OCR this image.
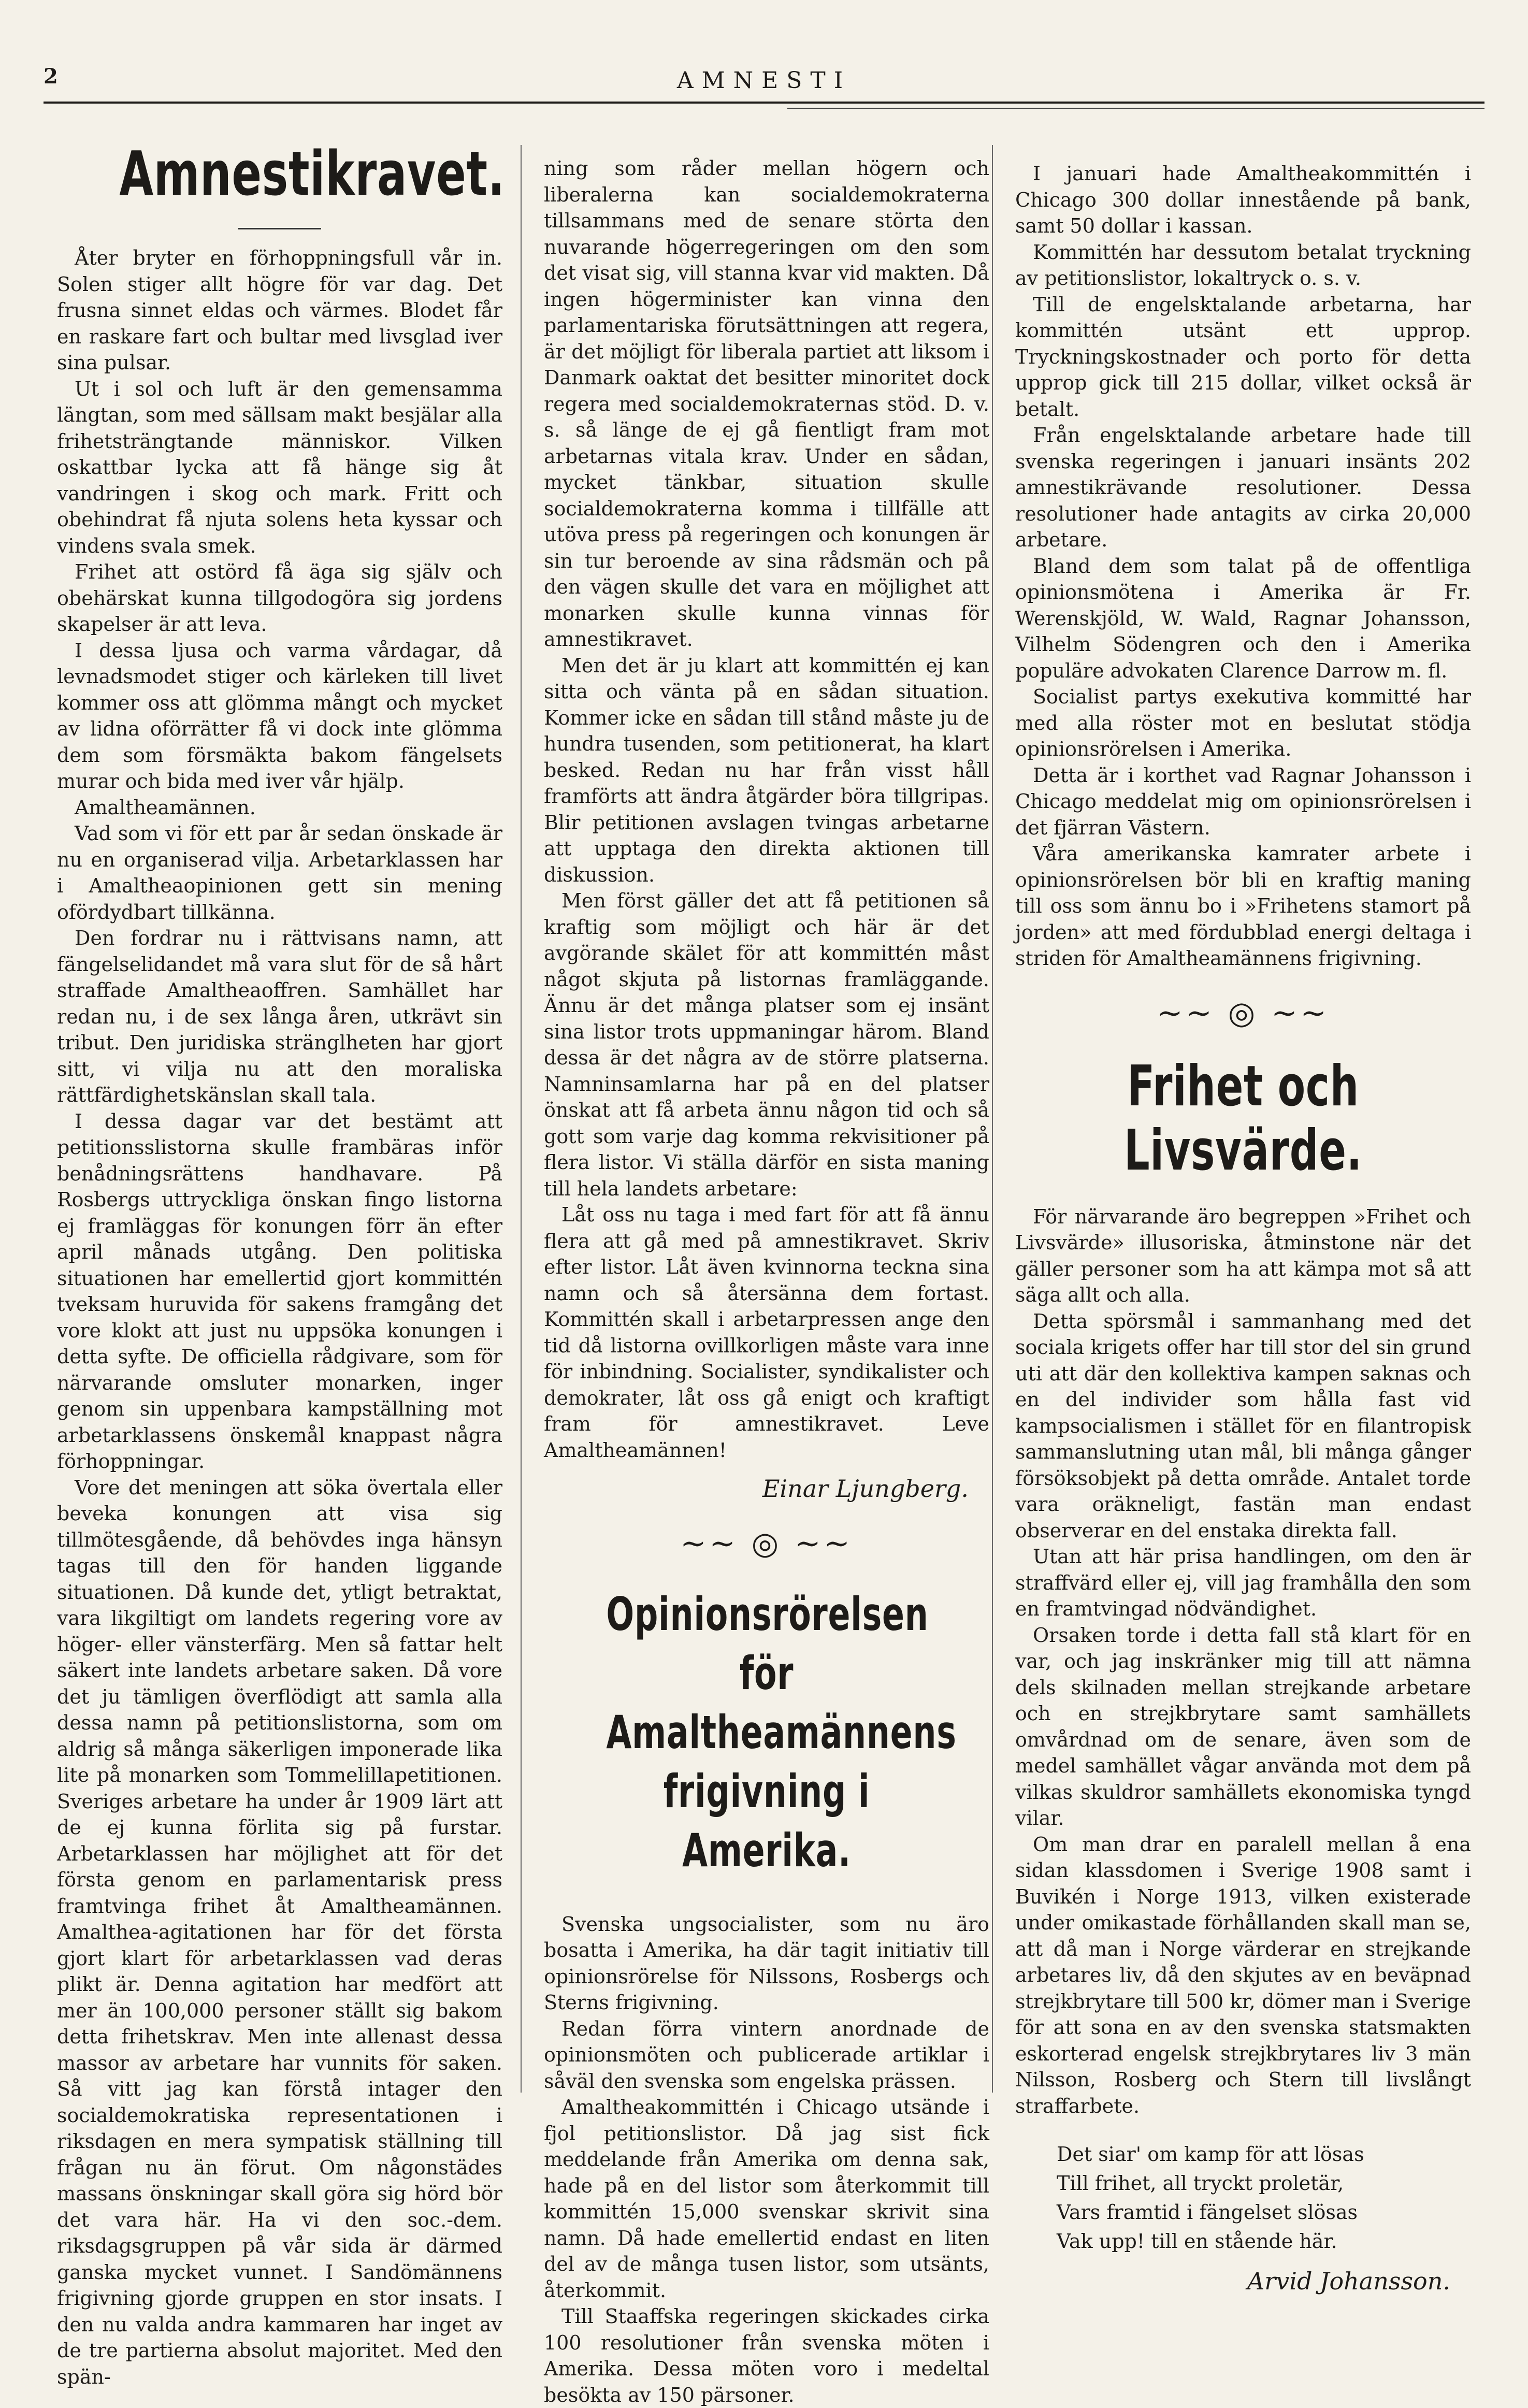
2	AMNESTI
Amnestikravet.

Åter bryter en förhoppningsfull vår in. Solen stiger allt högre för var dag. Det frusna sinnet eldas och värmes. Blodet får en raskare fart och bultar med livsglad iver sina pulsar.

Ut i sol och luft är den gemensamma längtan, som med sällsam makt besjälar alla frihetsträngtande människor. Vilken oskattbar lycka att få hänge sig åt vandringen i skog och mark. Fritt och obehindrat få njuta solens heta kyssar och vindens svala smek.

Frihet att ostörd få äga sig själv och obehärskat kunna tillgodogöra sig jordens skapelser är att leva.

I dessa ljusa och varma vårdagar, då levnadsmodet stiger och kärleken till livet kommer oss att glömma mångt och mycket av lidna oförrätter få vi dock inte glömma dem som försmäkta bakom fängelsets murar och bida med iver vår hjälp.

Amaltheamännen.

Vad som vi för ett par år sedan önskade är nu en organiserad vilja. Arbetarklassen har i Amaltheaopinionen gett sin mening ofördydbart tillkänna.

Den fordrar nu i rättvisans namn, att fängelselidandet må vara slut för de så hårt straffade Amaltheaoffren. Samhället har redan nu, i de sex långa åren, utkrävt sin tribut. Den juridiska stränglheten har gjort sitt, vi vilja nu att den moraliska rättfärdighetskänslan skall tala.

I dessa dagar var det bestämt att petitionsslistorna skulle frambäras inför benådningsrättens handhavare. På Rosbergs uttryckliga önskan fingo listorna ej framläggas för konungen förr än efter april månads utgång. Den politiska situationen har emellertid gjort kommittén tveksam huruvida för sakens framgång det vore klokt att just nu uppsöka konungen i detta syfte. De officiella rådgivare, som för närvarande omsluter monarken, inger genom sin uppenbara kampställning mot arbetarklassens önskemål knappast några förhoppningar.

Vore det meningen att söka övertala eller beveka konungen att visa sig tillmötesgående, då behövdes inga hänsyn tagas till den för handen liggande situationen. Då kunde det, ytligt betraktat, vara likgiltigt om landets regering vore av höger- eller vänsterfärg. Men så fattar helt säkert inte landets arbetare saken. Då vore det ju tämligen överflödigt att samla alla dessa namn på petitionslistorna, som om aldrig så många säkerligen imponerade lika lite på monarken som Tommelillapetitionen. Sveriges arbetare ha under år 1909 lärt att de ej kunna förlita sig på furstar. Arbetarklassen har möjlighet att för det första genom en parlamentarisk press framtvinga frihet åt Amaltheamännen. Amalthea-agitationen har för det första gjort klart för arbetarklassen vad deras plikt är. Denna agitation har medfört att mer än 100,000 personer ställt sig bakom detta frihetskrav. Men inte allenast dessa massor av arbetare har vunnits för saken. Så vitt jag kan förstå intager den socialdemokratiska representationen i riksdagen en mera sympatisk ställning till frågan nu än förut. Om någonstädes massans önskningar skall göra sig hörd bör det vara här. Ha vi den soc.-dem. riksdagsgruppen på vår sida är därmed ganska mycket vunnet. I Sandömännens frigivning gjorde gruppen en stor insats. I den nu valda andra kammaren har inget av de tre partierna absolut majoritet. Med den spän-

ning som råder mellan högern och liberalerna kan socialdemokraterna tillsammans med de senare störta den nuvarande högerregeringen om den som det visat sig, vill stanna kvar vid makten. Då ingen högerminister kan vinna den parlamentariska förutsättningen att regera, är det möjligt för liberala partiet att liksom i Danmark oaktat det besitter minoritet dock regera med socialdemokraternas stöd. D. v. s. så länge de ej gå fientligt fram mot arbetarnas vitala krav. Under en sådan, mycket tänkbar, situation skulle socialdemokraterna komma i tillfälle att utöva press på regeringen och konungen är sin tur beroende av sina rådsmän och på den vägen skulle det vara en möjlighet att monarken skulle kunna vinnas för amnestikravet.

Men det är ju klart att kommittén ej kan sitta och vänta på en sådan situation. Kommer icke en sådan till stånd måste ju de hundra tusenden, som petitionerat, ha klart besked. Redan nu har från visst håll framförts att ändra åtgärder böra tillgripas. Blir petitionen avslagen tvingas arbetarne att upptaga den direkta aktionen till diskussion.

Men först gäller det att få petitionen så kraftig som möjligt och här är det avgörande skälet för att kommittén måst något skjuta på listornas framläggande. Ännu är det många platser som ej insänt sina listor trots uppmaningar härom. Bland dessa är det några av de större platserna. Namninsamlarna har på en del platser önskat att få arbeta ännu någon tid och så gott som varje dag komma rekvisitioner på flera listor. Vi ställa därför en sista maning till hela landets arbetare:

Låt oss nu taga i med fart för att få ännu flera att gå med på amnestikravet. Skriv efter listor. Låt även kvinnorna teckna sina namn och så återsänna dem fortast. Kommittén skall i arbetarpressen ange den tid då listorna ovillkorligen måste vara inne för inbindning. Socialister, syndikalister och demokrater, låt oss gå enigt och kraftigt fram för amnestikravet. Leve Amaltheamännen!

Einar Ljungberg.
~~ ◎ ~~
Opinionsrörelsen för Amaltheamännens frigivning i Amerika.

Svenska ungsocialister, som nu äro bosatta i Amerika, ha där tagit initiativ till opinionsrörelse för Nilssons, Rosbergs och Sterns frigivning.

Redan förra vintern anordnade de opinionsmöten och publicerade artiklar i såväl den svenska som engelska prässen.

Amaltheakommittén i Chicago utsände i fjol petitionslistor. Då jag sist fick meddelande från Amerika om denna sak, hade på en del listor som återkommit till kommittén 15,000 svenskar skrivit sina namn. Då hade emellertid endast en liten del av de många tusen listor, som utsänts, återkommit.

Till Staaffska regeringen skickades cirka 100 resolutioner från svenska möten i Amerika. Dessa möten voro i medeltal besökta av 150 pärsoner.

I januari hade Amaltheakommittén i Chicago 300 dollar innestående på bank, samt 50 dollar i kassan.

Kommittén har dessutom betalat tryckning av petitionslistor, lokaltryck o. s. v.

Till de engelsktalande arbetarna, har kommittén utsänt ett upprop. Tryckningskostnader och porto för detta upprop gick till 215 dollar, vilket också är betalt.

Från engelsktalande arbetare hade till svenska regeringen i januari insänts 202 amnestikrävande resolutioner. Dessa resolutioner hade antagits av cirka 20,000 arbetare.

Bland dem som talat på de offentliga opinionsmötena i Amerika är Fr. Werenskjöld, W. Wald, Ragnar Johansson, Vilhelm Södengren och den i Amerika populäre advokaten Clarence Darrow m. fl.

Socialist partys exekutiva kommitté har med alla röster mot en beslutat stödja opinionsrörelsen i Amerika.

Detta är i korthet vad Ragnar Johansson i Chicago meddelat mig om opinionsrörelsen i det fjärran Västern.

Våra amerikanska kamrater arbete i opinionsrörelsen bör bli en kraftig maning till oss som ännu bo i »Frihetens stamort på jorden» att med fördubblad energi deltaga i striden för Amaltheamännens frigivning.

~~ ◎ ~~
Frihet och Livsvärde.

För närvarande äro begreppen »Frihet och Livsvärde» illusoriska, åtminstone när det gäller personer som ha att kämpa mot så att säga allt och alla.

Detta spörsmål i sammanhang med det sociala krigets offer har till stor del sin grund uti att där den kollektiva kampen saknas och en del individer som hålla fast vid kampsocialismen i stället för en filantropisk sammanslutning utan mål, bli många gånger försöksobjekt på detta område. Antalet torde vara oräkneligt, fastän man endast observerar en del enstaka direkta fall.

Utan att här prisa handlingen, om den är straffvärd eller ej, vill jag framhålla den som en framtvingad nödvändighet.

Orsaken torde i detta fall stå klart för en var, och jag inskränker mig till att nämna dels skilnaden mellan strejkande arbetare och en strejkbrytare samt samhällets omvårdnad om de senare, även som de medel samhället vågar använda mot dem på vilkas skuldror samhällets ekonomiska tyngd vilar.

Om man drar en paralell mellan å ena sidan klassdomen i Sverige 1908 samt i Buvikén i Norge 1913, vilken existerade under omikastade förhållanden skall man se, att då man i Norge värderar en strejkande arbetares liv, då den skjutes av en beväpnad strejkbrytare till 500 kr, dömer man i Sverige för att sona en av den svenska statsmakten eskorterad engelsk strejkbrytares liv 3 män Nilsson, Rosberg och Stern till livslångt straffarbete.

Det siar' om kamp för att lösas
Till frihet, all tryckt proletär,
Vars framtid i fängelset slösas
Vak upp! till en stående här.
Arvid Johansson.
